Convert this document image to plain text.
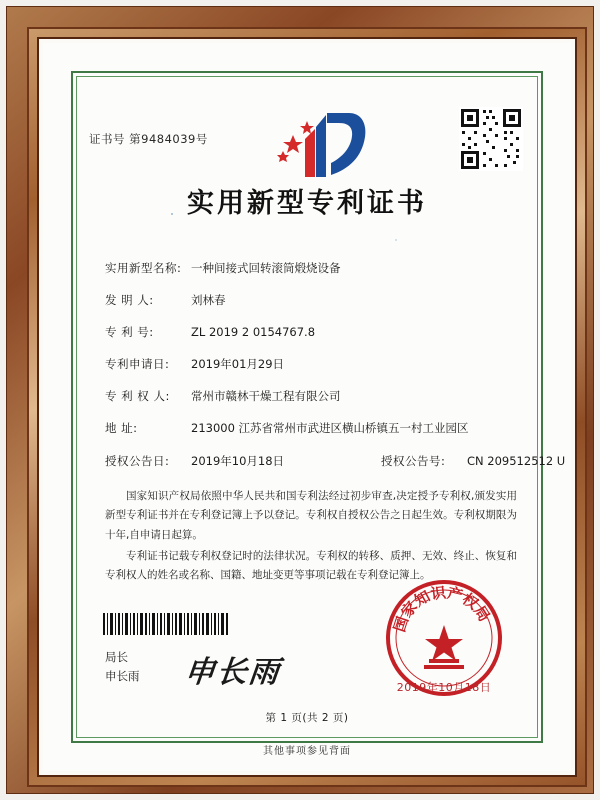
证书号 第9484039号
实用新型专利证书
实用新型名称: 一种间接式回转滚筒煅烧设备
发 明 人:	刘林春
专 利 号:	ZL 2019 2 0154767.8
专利申请日:	2019年01月29日
专 利 权 人:	常州市赣林干燥工程有限公司
地 址:	213000 江苏省常州市武进区横山桥镇五一村工业园区
授权公告日:	2019年10月18日	授权公告号:	CN 209512512 U

国家知识产权局依照中华人民共和国专利法经过初步审查,决定授予专利权,颁发实用新型专利证书并在专利登记簿上予以登记。专利权自授权公告之日起生效。专利权期限为十年,自申请日起算。

专利证书记载专利权登记时的法律状况。专利权的转移、质押、无效、终止、恢复和专利权人的姓名或名称、国籍、地址变更等事项记载在专利登记簿上。

局长
申长雨 申长雨
国家知识产权局
2019年10月18日
第 1 页(共 2 页)
其他事项参见背面
